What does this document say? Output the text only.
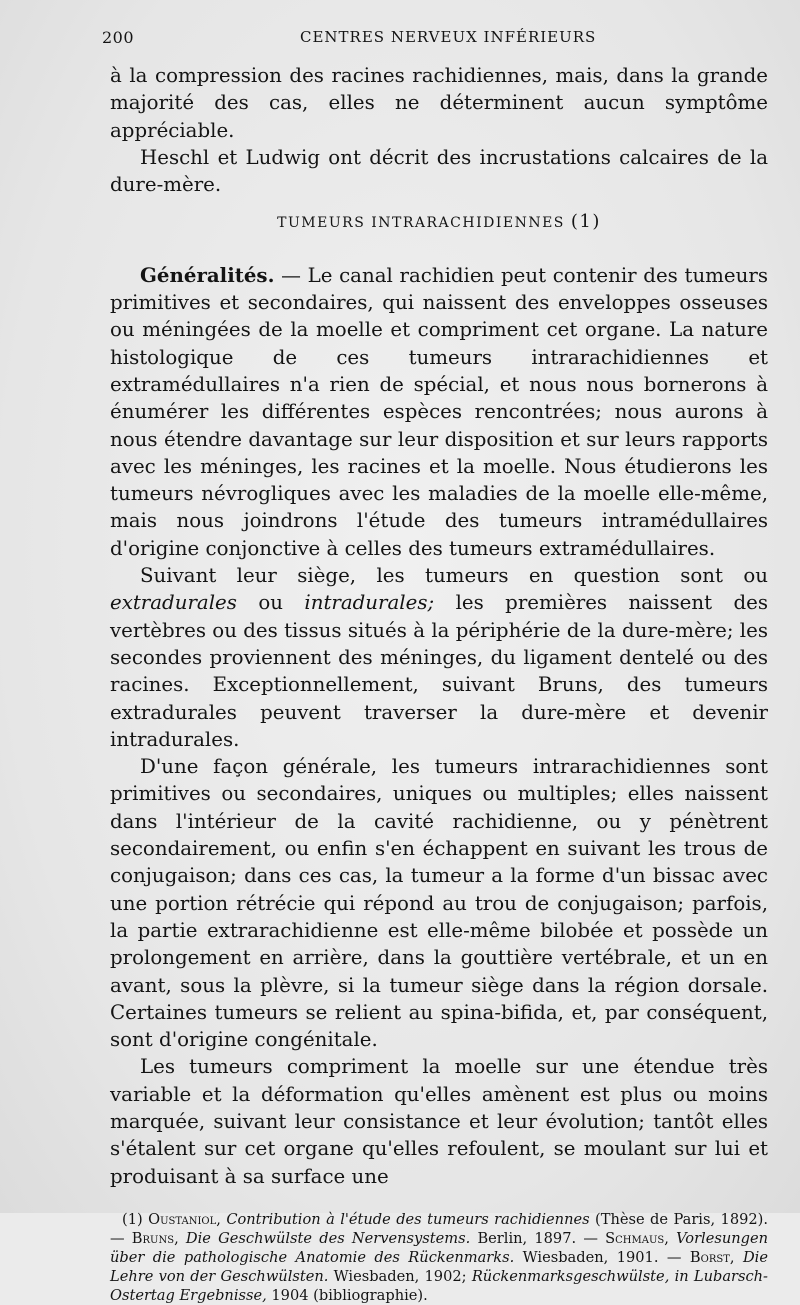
200	CENTRES NERVEUX INFÉRIEURS

à la compression des racines rachidiennes, mais, dans la grande majorité des cas, elles ne déterminent aucun symptôme appréciable.

Heschl et Ludwig ont décrit des incrustations calcaires de la dure-mère.

TUMEURS INTRARACHIDIENNES (1)

Généralités. — Le canal rachidien peut contenir des tumeurs primitives et secondaires, qui naissent des enveloppes osseuses ou méningées de la moelle et compriment cet organe. La nature histologique de ces tumeurs intrarachidiennes et extramédullaires n'a rien de spécial, et nous nous bornerons à énumérer les différentes espèces rencontrées; nous aurons à nous étendre davantage sur leur disposition et sur leurs rapports avec les méninges, les racines et la moelle. Nous étudierons les tumeurs névrogliques avec les maladies de la moelle elle-même, mais nous joindrons l'étude des tumeurs intramédullaires d'origine conjonctive à celles des tumeurs extramédullaires.

Suivant leur siège, les tumeurs en question sont ou extradurales ou intradurales; les premières naissent des vertèbres ou des tissus situés à la périphérie de la dure-mère; les secondes proviennent des méninges, du ligament dentelé ou des racines. Exceptionnellement, suivant Bruns, des tumeurs extradurales peuvent traverser la dure-mère et devenir intradurales.

D'une façon générale, les tumeurs intrarachidiennes sont primitives ou secondaires, uniques ou multiples; elles naissent dans l'intérieur de la cavité rachidienne, ou y pénètrent secondairement, ou enfin s'en échappent en suivant les trous de conjugaison; dans ces cas, la tumeur a la forme d'un bissac avec une portion rétrécie qui répond au trou de conjugaison; parfois, la partie extrarachidienne est elle-même bilobée et possède un prolongement en arrière, dans la gouttière vertébrale, et un en avant, sous la plèvre, si la tumeur siège dans la région dorsale. Certaines tumeurs se relient au spina-bifida, et, par conséquent, sont d'origine congénitale.

Les tumeurs compriment la moelle sur une étendue très variable et la déformation qu'elles amènent est plus ou moins marquée, suivant leur consistance et leur évolution; tantôt elles s'étalent sur cet organe qu'elles refoulent, se moulant sur lui et produisant à sa surface une

(1) Oustaniol, Contribution à l'étude des tumeurs rachidiennes (Thèse de Paris, 1892). — Bruns, Die Geschwülste des Nervensystems. Berlin, 1897. — Schmaus, Vorlesungen über die pathologische Anatomie des Rückenmarks. Wiesbaden, 1901. — Borst, Die Lehre von der Geschwülsten. Wiesbaden, 1902; Rückenmarksgeschwülste, in Lubarsch-Ostertag Ergebnisse, 1904 (bibliographie).
